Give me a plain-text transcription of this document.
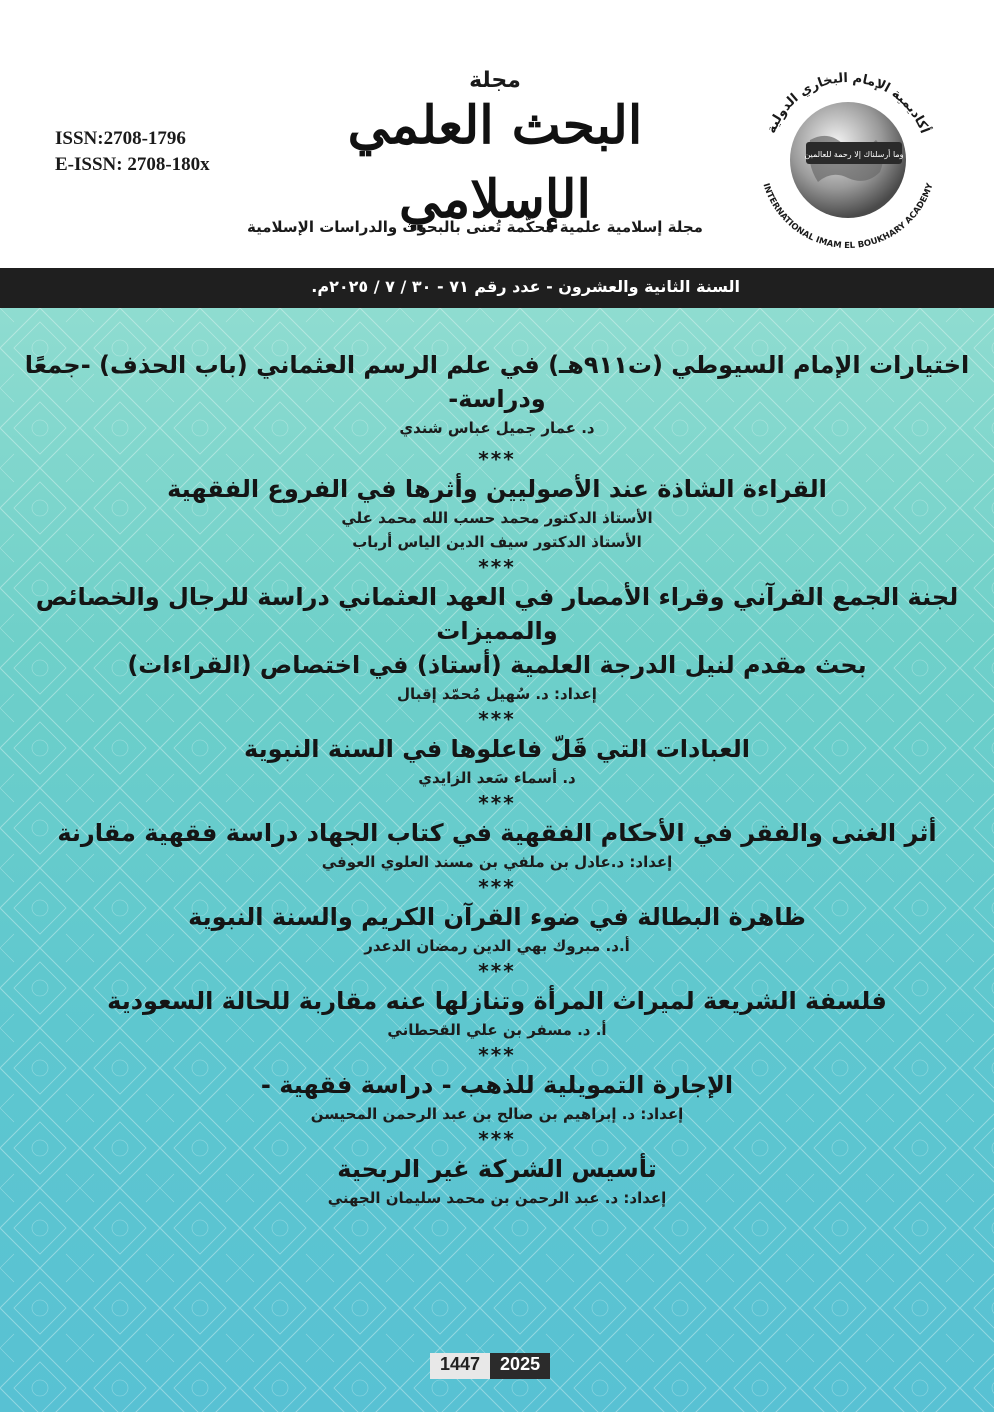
ISSN:2708-1796
E-ISSN: 2708-180x
مجلة
البحث العلمي الإسلامي
مجلة إسلامية علمية محكّمة تُعنى بالبحوث والدراسات الإسلامية
وما أرسلناك إلا رحمة للعالمين
أكاديمية الإمام البخاري الدولية
INTERNATIONAL IMAM EL BOUKHARY ACADEMY
السنة الثانية والعشرون - عدد رقم ٧١ - ٣٠ / ٧ / ٢٠٢٥م.
اختيارات الإمام السيوطي (ت٩١١هـ) في علم الرسم العثماني (باب الحذف) -جمعًا ودراسة-
د. عمار جميل عباس شندي
***
القراءة الشاذة عند الأصوليين وأثرها في الفروع الفقهية
الأستاذ الدكتور محمد حسب الله محمد علي
الأستاذ الدكتور سيف الدين الياس أرباب
***
لجنة الجمع القرآني وقراء الأمصار في العهد العثماني دراسة للرجال والخصائص والمميزات
بحث مقدم لنيل الدرجة العلمية (أستاذ) في اختصاص (القراءات)
إعداد: د. سُهيل مُحمّد إقبال
***
العبادات التي قَلّ فاعلوها في السنة النبوية
د. أسماء سَعد الزايدي
***
أثر الغنى والفقر في الأحكام الفقهية في كتاب الجهاد دراسة فقهية مقارنة
إعداد: د.عادل بن ملفي بن مسند العلوي العوفي
***
ظاهرة البطالة في ضوء القرآن الكريم والسنة النبوية
أ.د. مبروك بهي الدين رمضان الدعدر
***
فلسفة الشريعة لميراث المرأة وتنازلها عنه مقاربة للحالة السعودية
أ. د. مسفر بن علي القحطاني
***
الإجارة التمويلية للذهب - دراسة فقهية -
إعداد: د. إبراهيم بن صالح بن عبد الرحمن المحيسن
***
تأسيس الشركة غير الربحية
إعداد: د. عبد الرحمن بن محمد سليمان الجهني
1447	2025
